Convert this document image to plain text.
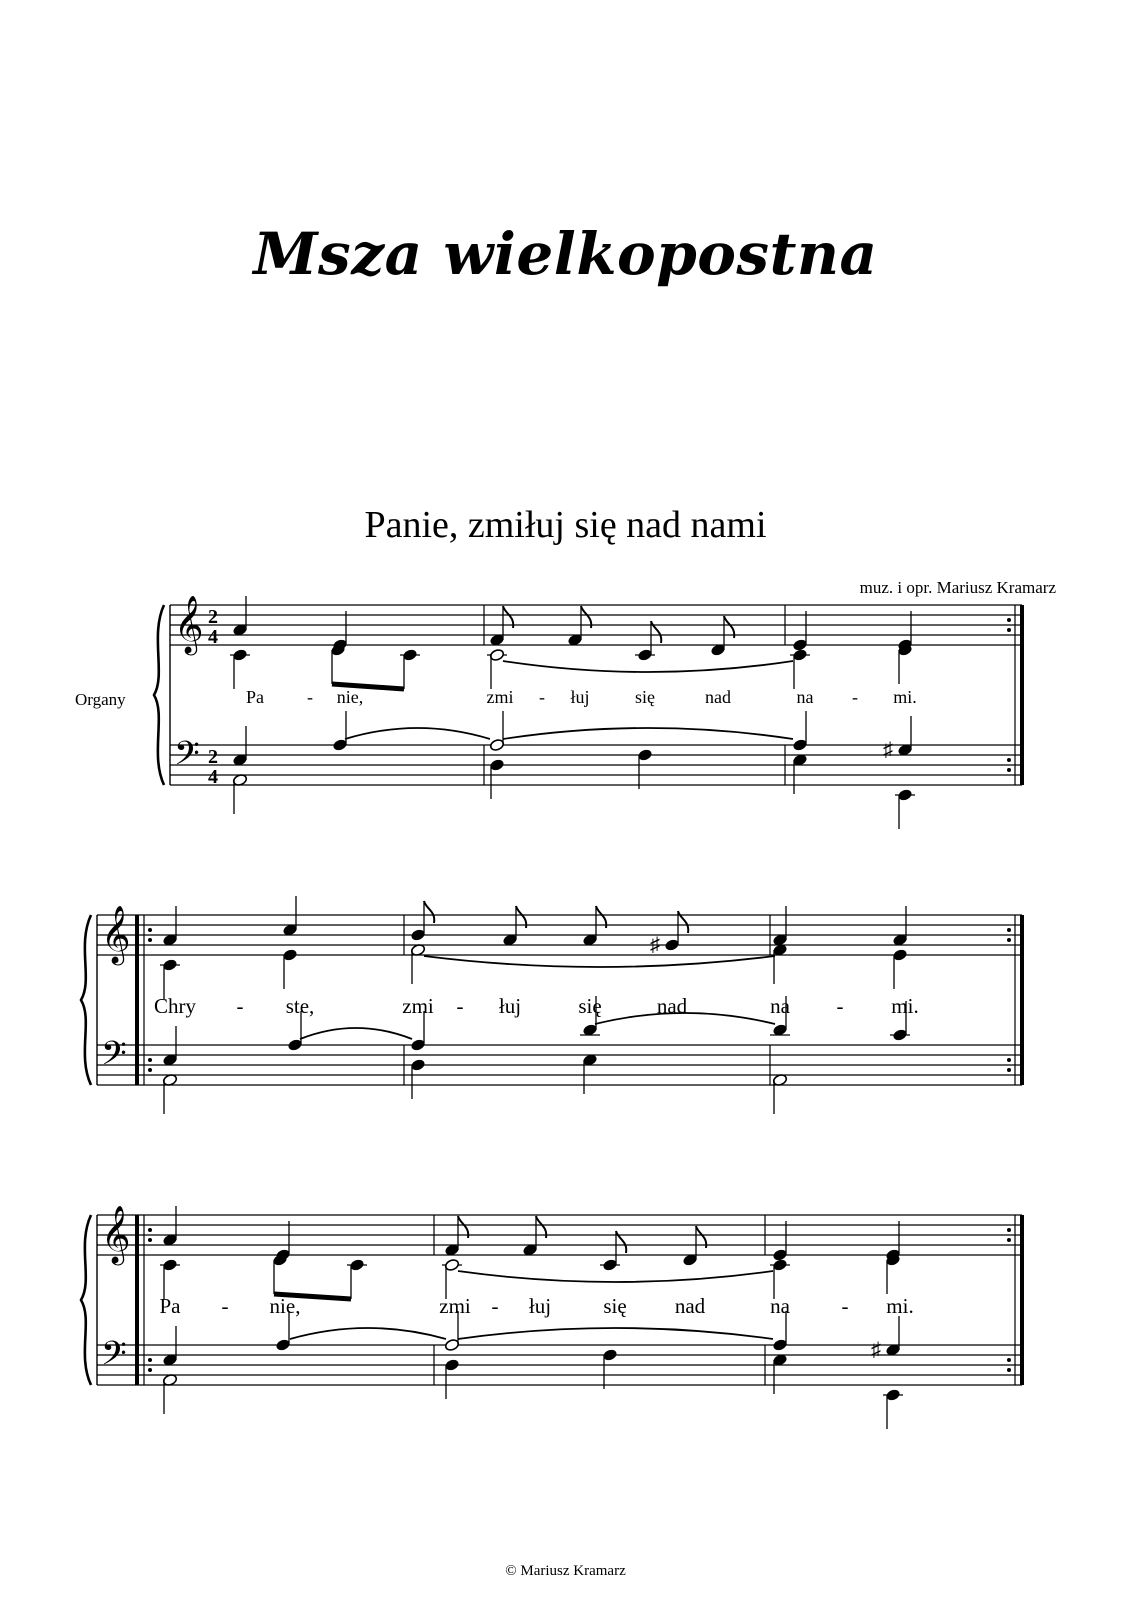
Msza wielkopostna
Panie, zmiłuj się nad nami
muz. i opr. Mariusz Kramarz
𝄞
𝄢
2
4
2
4
Organy
♯
Pa - nie,	zmi - łuj	się	nad	na - mi.
𝄞
𝄢
♯
Chry - ste,	zmi - łuj	się	nad	na - mi.
𝄞
𝄢	♯
Pa - nie,	zmi - łuj się nad	na - mi.
© Mariusz Kramarz
